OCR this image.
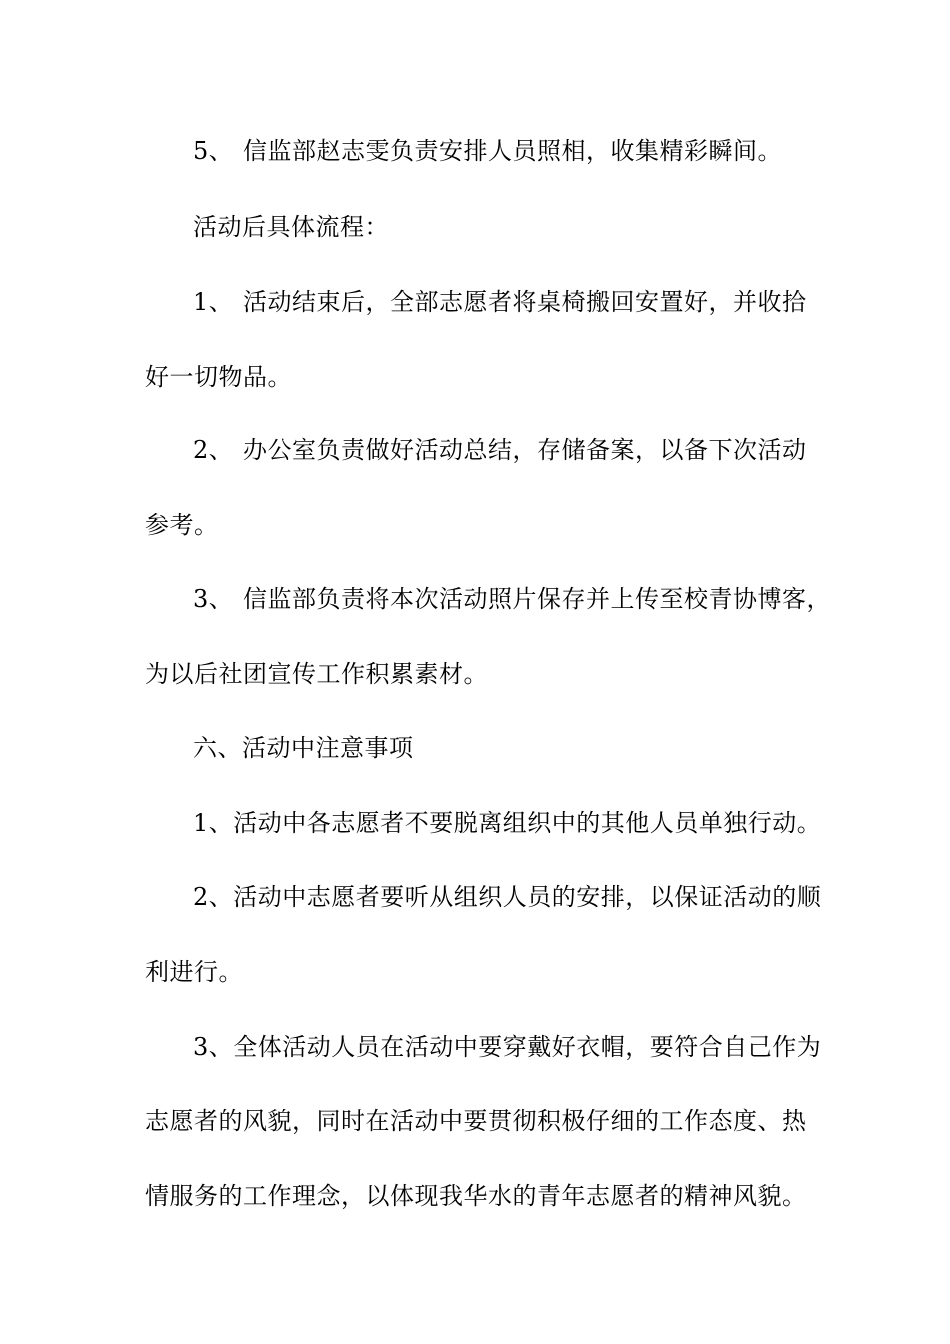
5、 信监部赵志雯负责安排人员照相，收集精彩瞬间。
活动后具体流程：
1、 活动结束后，全部志愿者将桌椅搬回安置好，并收拾
好一切物品。
2、 办公室负责做好活动总结，存储备案，以备下次活动
参考。
3、 信监部负责将本次活动照片保存并上传至校青协博客，
为以后社团宣传工作积累素材。
六、活动中注意事项
1、活动中各志愿者不要脱离组织中的其他人员单独行动。
2、活动中志愿者要听从组织人员的安排，以保证活动的顺
利进行。
3、全体活动人员在活动中要穿戴好衣帽，要符合自己作为
志愿者的风貌，同时在活动中要贯彻积极仔细的工作态度、热
情服务的工作理念，以体现我华水的青年志愿者的精神风貌。
